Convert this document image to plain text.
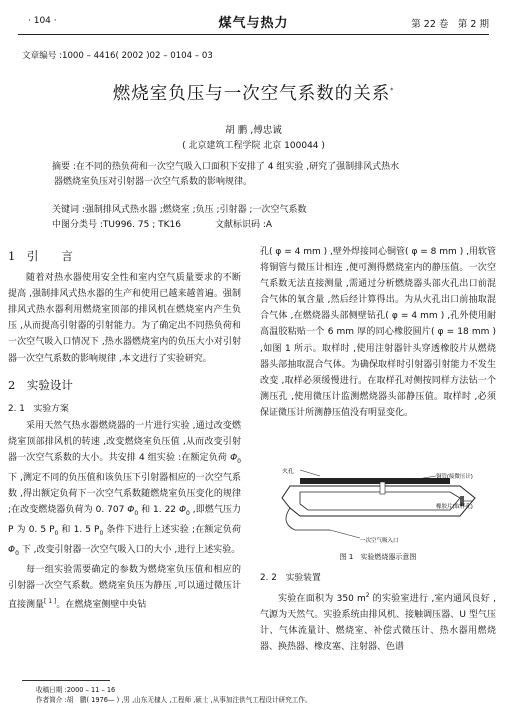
· 104 ·	煤气与热力	第 22 卷　第 2 期
文章编号 :1000 – 4416( 2002 )02 – 0104 – 03
燃烧室负压与一次空气系数的关系*
胡 鹏 ,傅忠诚
( 北京建筑工程学院 北京 100044 )

摘要 :在不同的热负荷和一次空气吸入口面积下安排了 4 组实验 ,研究了强制排风式热水

器燃烧室负压对引射器一次空气系数的影响规律。

关键词 :强制排风式热水器 ;燃烧室 ;负压 ;引射器 ;一次空气系数
中图分类号 :TU996. 75 ; TK16	文献标识码 :A
1　引　　言

随着对热水器使用安全性和室内空气质量要求的不断提高 ,强制排风式热水器的生产和使用已越来越普遍。强制排风式热水器利用燃烧室顶部的排风机在燃烧室内产生负压 ,从而提高引射器的引射能力。为了确定出不同热负荷和一次空气吸入口情况下 ,热水器燃烧室内的负压大小对引射器一次空气系数的影响规律 ,本文进行了实验研究。

2　实验设计
2. 1　实验方案

采用天然气热水器燃烧器的一片进行实验 ,通过改变燃烧室顶部排风机的转速 ,改变燃烧室负压值 ,从而改变引射器一次空气系数的大小。共安排 4 组实验 :在额定负荷 $\Phi_0$ 下 ,测定不同的负压值和该负压下引射器相应的一次空气系数 ,得出额定负荷下一次空气系数随燃烧室负压变化的规律 ;在改变燃烧器负荷为 0. 707 $\Phi_0$ 和 1. 22 $\Phi_0$ ,即燃气压力 P 为 0. 5 $P_0$ 和 1. 5 $P_0$ 条件下进行上述实验 ;在额定负荷 $\Phi_0$ 下 ,改变引射器一次空气吸入口的大小 ,进行上述实验。

每一组实验需要确定的参数为燃烧室负压值和相应的引射器一次空气系数。燃烧室负压为静压 ,可以通过微压计直接测量[ 1 ]。在燃烧室侧壁中央钻

孔( φ = 4 mm ) ,壁外焊接同心铜管( φ = 8 mm ) ,用软管将铜管与微压计相连 ,便可测得燃烧室内的静压值。一次空气系数无法直接测量 ,需通过分析燃烧器头部火孔出口前混合气体的氧含量 ,然后经计算得出。为从火孔出口前抽取混合气体 ,在燃烧器头部侧壁钻孔( φ = 4 mm ) ,孔外使用耐高温胶粘贴一个 6 mm 厚的同心橡胶圆片( φ = 18 mm ) ,如图 1 所示。取样时 ,使用注射器针头穿透橡胶片从燃烧器头部抽取混合气体。为确保取样时引射器引射能力不发生改变 ,取样必须缓慢进行。在取样孔对侧按同样方法钻一个测压孔 ,使用微压计监测燃烧器头部静压值。取样时 ,必须保证微压计所测静压值没有明显变化。

火孔
铜管(接微压计)
橡胶片(取样孔)
一次空气吸入口
图 1　实验燃烧器示意图
2. 2　实验装置

实验在面积为 350 $m^2$ 的实验室进行 ,室内通风良好 ,气源为天然气。实验系统由排风机、接触调压器、U 型气压计、气体流量计、燃烧室、补偿式微压计、热水器用燃烧器、换热器、橡皮塞、注射器、色谱

收稿日期 :2000 – 11 – 16
作者简介 :胡　鹏( 1976— ) ,男 ,山东无棣人 ,工程师 ,硕士 ,从事加注供气工程设计研究工作。
